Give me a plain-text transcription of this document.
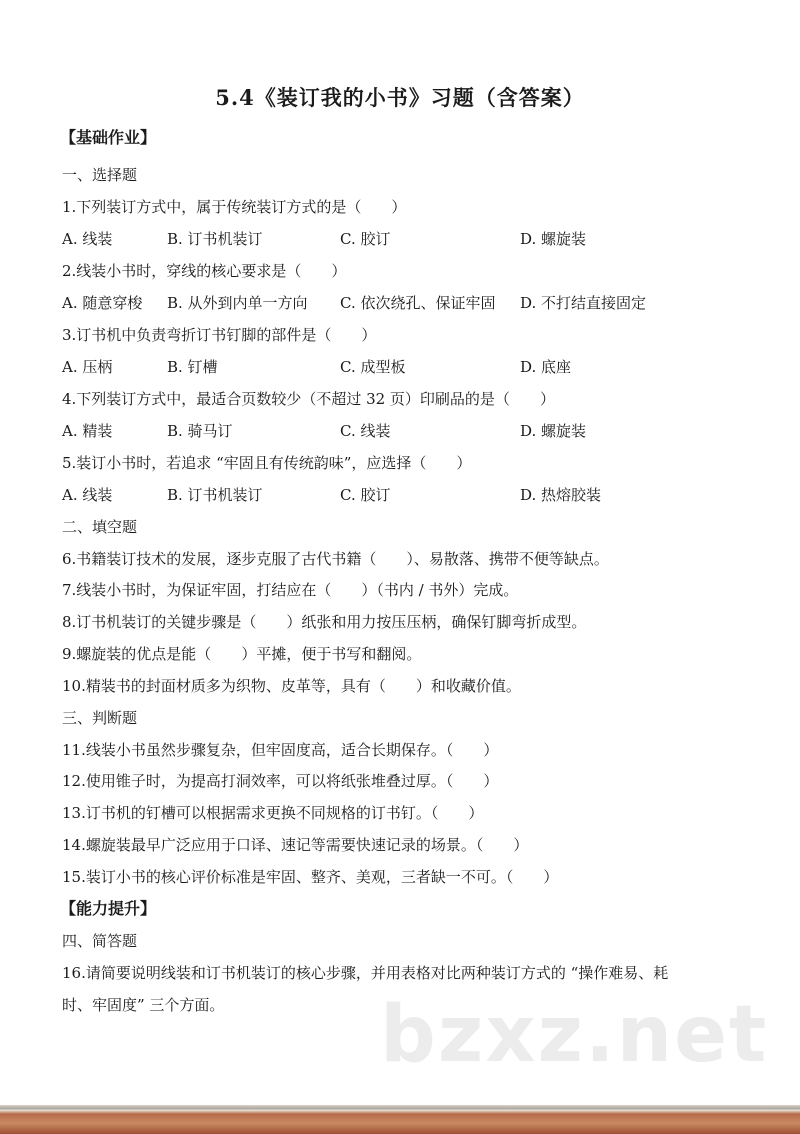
5.4《装订我的小书》习题（含答案）
【基础作业】
一、选择题
1.下列装订方式中，属于传统装订方式的是（　　）
A. 线装	B. 订书机装订	C. 胶订	D. 螺旋装
2.线装小书时，穿线的核心要求是（　　）
A. 随意穿梭 B. 从外到内单一方向 C. 依次绕孔、保证牢固 D. 不打结直接固定
3.订书机中负责弯折订书钉脚的部件是（　　）
A. 压柄	B. 钉槽	C. 成型板	D. 底座
4.下列装订方式中，最适合页数较少（不超过 32 页）印刷品的是（　　）
A. 精装	B. 骑马订	C. 线装	D. 螺旋装
5.装订小书时，若追求 “牢固且有传统韵味”，应选择（　　）
A. 线装	B. 订书机装订	C. 胶订	D. 热熔胶装
二、填空题
6.书籍装订技术的发展，逐步克服了古代书籍（　　）、易散落、携带不便等缺点。
7.线装小书时，为保证牢固，打结应在（　　）（书内 / 书外）完成。
8.订书机装订的关键步骤是（　　）纸张和用力按压压柄，确保钉脚弯折成型。
9.螺旋装的优点是能（　　）平摊，便于书写和翻阅。
10.精装书的封面材质多为织物、皮革等，具有（　　）和收藏价值。
三、判断题
11.线装小书虽然步骤复杂，但牢固度高，适合长期保存。（　　）
12.使用锥子时，为提高打洞效率，可以将纸张堆叠过厚。（　　）
13.订书机的钉槽可以根据需求更换不同规格的订书钉。（　　）
14.螺旋装最早广泛应用于口译、速记等需要快速记录的场景。（　　）
15.装订小书的核心评价标准是牢固、整齐、美观，三者缺一不可。（　　）
【能力提升】
四、简答题
16.请简要说明线装和订书机装订的核心步骤，并用表格对比两种装订方式的 “操作难易、耗
时、牢固度” 三个方面。 bzxz.net
